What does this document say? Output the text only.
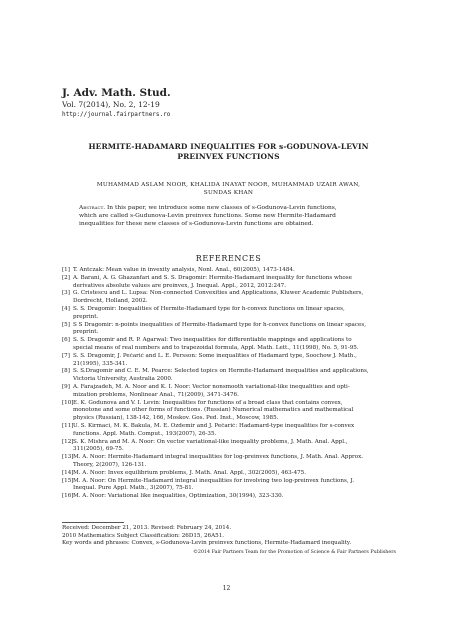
J. Adv. Math. Stud.

Vol. 7(2014), No. 2, 12-19

http://journal.fairpartners.ro

HERMITE-HADAMARD INEQUALITIES FOR s-GODUNOVA-LEVIN
PREINVEX FUNCTIONS
MUHAMMAD ASLAM NOOR, KHALIDA INAYAT NOOR, MUHAMMAD UZAIR AWAN,
SUNDAS KHAN
Abstract. In this paper, we introduce some new classes of s-Godunova-Levin functions,
which are called s-Gudunova-Levin preinvex functions. Some new Hermite-Hadamard
inequalities for these new classes of s-Godunova-Levin functions are obtained.
REFERENCES
[1] T. Antczak: Mean value in invexity analysis, Nonl. Anal., 60(2005), 1473-1484.
[2] A. Barani, A. G. Ghazanfari and S. S. Dragomir: Hermite-Hadamard inequality for functions whose
derivatives absolute values are preinvex, J. Inequal. Appl., 2012, 2012:247.
[3] G. Cristescu and L. Lupsa: Non-connected Convexities and Applications, Kluwer Academic Publishers,
Dordrecht, Holland, 2002.
[4] S. S. Dragomir: Inequalities of Hermite-Hadamard type for h-convex functions on linear spaces,
preprint.
[5] S S Dragomir: n-points inequalities of Hermite-Hadamard type for h-convex functions on linear spaces,
preprint.
[6] S. S. Dragomir and R. P. Agarwal: Two inequalities for differentiable mappings and applications to
special means of real numbers and to trapezoidal formula, Appl. Math. Lett., 11(1998), No. 5, 91-95.
[7] S. S. Dragomir, J. Pečarić and L. E. Persson: Some inequalities of Hadamard type, Soochow J. Math.,
21(1995), 335-341.
[8] S. S.Dragomir and C. E. M. Pearce: Selected topics on Hermite-Hadamard inequalities and applications,
Victoria University, Australia 2000.
[9] A. Farajzadeh, M. A. Noor and K. I. Noor: Vector nonsmooth variational-like inequalities and opti-
mization problems, Nonlinear Anal., 71(2009), 3471-3476.
[10] E. K. Godunova and V. I. Levin: Inequalities for functions of a broad class that contains convex,
monotone and some other forms of functions. (Russian) Numerical mathematics and mathematical
physics (Russian), 138-142, 166, Moskov. Gos. Ped. Inst., Moscow, 1985.
[11] U. S. Kirmaci, M. K. Bakula, M. E. Özdemir and J. Pečarić: Hadamard-type inequalities for s-convex
functions. Appl. Math. Comput., 193(2007), 26-35.
[12] S. K. Mishra and M. A. Noor: On vector variational-like inequality problems, J. Math. Anal. Appl.,
311(2005), 69-75.
[13] M. A. Noor: Hermite-Hadamard integral inequalities for log-preinvex functions, J. Math. Anal. Approx.
Theory, 2(2007), 126-131.
[14] M. A. Noor: Invex equilibrium problems, J. Math. Anal. Appl., 302(2005), 463-475.
[15] M. A. Noor: On Hermite-Hadamard integral inequalities for involving two log-preinvex functions, J.
Inequal. Pure Appl. Math., 3(2007), 75-81.
[16] M. A. Noor: Variational like inequalities, Optimization, 30(1994), 323-330.
Received: December 21, 2013. Revised: February 24, 2014.
2010 Mathematics Subject Classification: 26D15, 26A51.
Key words and phrases: Convex, s-Godunova-Levin preinvex functions, Hermite-Hadamard inequality.
©2014 Fair Partners Team for the Promotion of Science & Fair Partners Publishers
12
